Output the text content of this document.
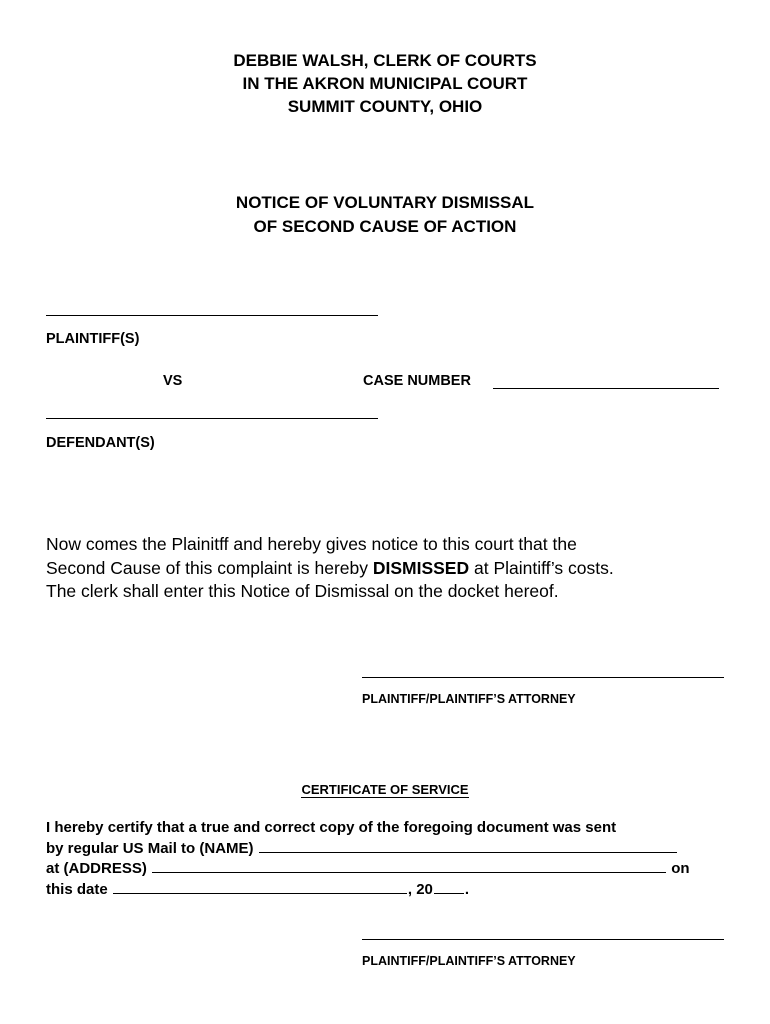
DEBBIE WALSH, CLERK OF COURTS
IN THE AKRON MUNICIPAL COURT
SUMMIT COUNTY, OHIO
NOTICE OF VOLUNTARY DISMISSAL
OF SECOND CAUSE OF ACTION
PLAINTIFF(S)
VS	CASE NUMBER
DEFENDANT(S)

Now comes the Plainitff and hereby gives notice to this court that the

Second Cause of this complaint is hereby DISMISSED at Plaintiff’s costs.

The clerk shall enter this Notice of Dismissal on the docket hereof.

PLAINTIFF/PLAINTIFF’S ATTORNEY
CERTIFICATE OF SERVICE
I hereby certify that a true and correct copy of the foregoing document was sent
by regular US Mail to (NAME)
at (ADDRESS)	on
this date	, 20 .
PLAINTIFF/PLAINTIFF’S ATTORNEY
